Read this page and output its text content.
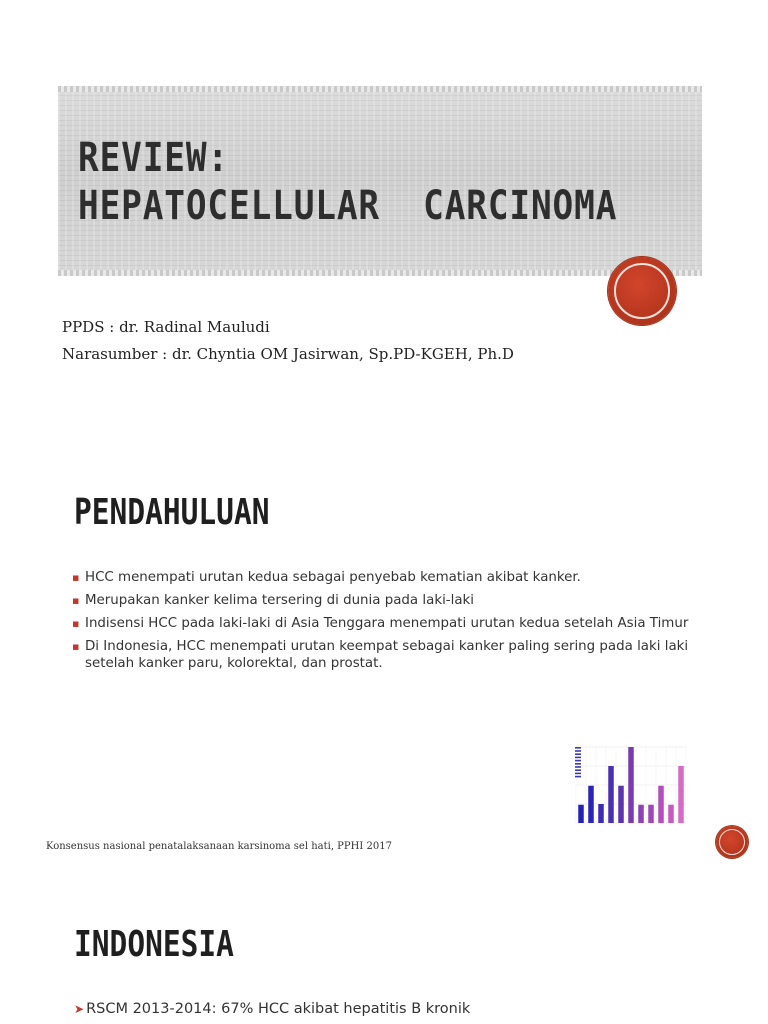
REVIEW:
HEPATOCELLULAR  CARCINOMA
PPDS : dr. Radinal Mauludi
Narasumber : dr. Chyntia OM Jasirwan, Sp.PD-KGEH, Ph.D
PENDAHULUAN
▪ HCC menempati urutan kedua sebagai penyebab kematian akibat kanker.
▪ Merupakan kanker kelima tersering di dunia pada laki-laki
▪ Indisensi HCC pada laki-laki di Asia Tenggara menempati urutan kedua setelah Asia Timur
▪ Di Indonesia, HCC menempati urutan keempat sebagai kanker paling sering pada laki laki setelah kanker paru, kolorektal, dan prostat.
Konsensus nasional penatalaksanaan karsinoma sel hati, PPHI 2017
INDONESIA
➤ RSCM 2013-2014: 67% HCC akibat hepatitis B kronik
